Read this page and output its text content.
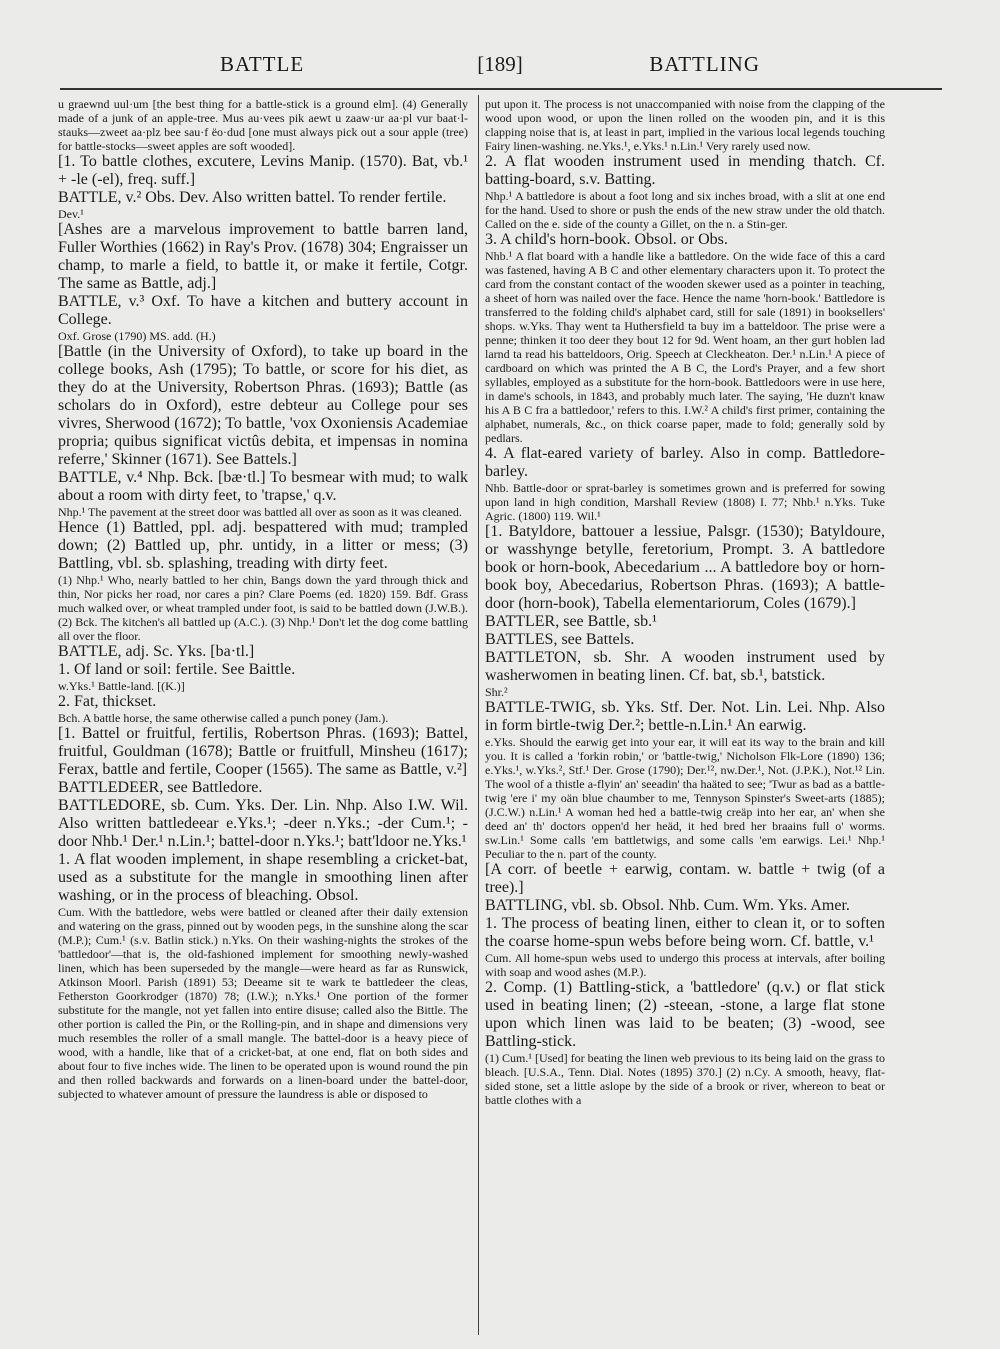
BATTLE	[189]	BATTLING

u graewnd uul·um [the best thing for a battle-stick is a ground elm]. (4) Generally made of a junk of an apple-tree. Mus au·vees pik aewt u zaaw·ur aa·pl vur baat·l-stauks—zweet aa·plz bee sau·f ëo·dud [one must always pick out a sour apple (tree) for battle-stocks—sweet apples are soft wooded].

[1. To battle clothes, excutere, Levins Manip. (1570). Bat, vb.¹ + -le (-el), freq. suff.]

BATTLE, v.² Obs. Dev. Also written battel. To render fertile.

Dev.¹

[Ashes are a marvelous improvement to battle barren land, Fuller Worthies (1662) in Ray's Prov. (1678) 304; Engraisser un champ, to marle a field, to battle it, or make it fertile, Cotgr. The same as Battle, adj.]

BATTLE, v.³ Oxf. To have a kitchen and buttery account in College.

Oxf. Grose (1790) MS. add. (H.)

[Battle (in the University of Oxford), to take up board in the college books, Ash (1795); To battle, or score for his diet, as they do at the University, Robertson Phras. (1693); Battle (as scholars do in Oxford), estre debteur au College pour ses vivres, Sherwood (1672); To battle, 'vox Oxoniensis Academiae propria; quibus significat victûs debita, et impensas in nomina referre,' Skinner (1671). See Battels.]

BATTLE, v.⁴ Nhp. Bck. [bæ·tl.] To besmear with mud; to walk about a room with dirty feet, to 'trapse,' q.v.

Nhp.¹ The pavement at the street door was battled all over as soon as it was cleaned.

Hence (1) Battled, ppl. adj. bespattered with mud; trampled down; (2) Battled up, phr. untidy, in a litter or mess; (3) Battling, vbl. sb. splashing, treading with dirty feet.

(1) Nhp.¹ Who, nearly battled to her chin, Bangs down the yard through thick and thin, Nor picks her road, nor cares a pin? Clare Poems (ed. 1820) 159. Bdf. Grass much walked over, or wheat trampled under foot, is said to be battled down (J.W.B.). (2) Bck. The kitchen's all battled up (A.C.). (3) Nhp.¹ Don't let the dog come battling all over the floor.

BATTLE, adj. Sc. Yks. [ba·tl.]

1. Of land or soil: fertile. See Baittle.

w.Yks.¹ Battle-land. [(K.)]

2. Fat, thickset.

Bch. A battle horse, the same otherwise called a punch poney (Jam.).

[1. Battel or fruitful, fertilis, Robertson Phras. (1693); Battel, fruitful, Gouldman (1678); Battle or fruitfull, Minsheu (1617); Ferax, battle and fertile, Cooper (1565). The same as Battle, v.²]

BATTLEDEER, see Battledore.

BATTLEDORE, sb. Cum. Yks. Der. Lin. Nhp. Also I.W. Wil. Also written battledeear e.Yks.¹; -deer n.Yks.; -der Cum.¹; -door Nhb.¹ Der.¹ n.Lin.¹; battel-door n.Yks.¹; batt'ldoor ne.Yks.¹

1. A flat wooden implement, in shape resembling a cricket-bat, used as a substitute for the mangle in smoothing linen after washing, or in the process of bleaching. Obsol.

Cum. With the battledore, webs were battled or cleaned after their daily extension and watering on the grass, pinned out by wooden pegs, in the sunshine along the scar (M.P.); Cum.¹ (s.v. Batlin stick.) n.Yks. On their washing-nights the strokes of the 'battledoor'—that is, the old-fashioned implement for smoothing newly-washed linen, which has been superseded by the mangle—were heard as far as Runswick, Atkinson Moorl. Parish (1891) 53; Deeame sit te wark te battledeer the cleas, Fetherston Goorkrodger (1870) 78; (I.W.); n.Yks.¹ One portion of the former substitute for the mangle, not yet fallen into entire disuse; called also the Bittle. The other portion is called the Pin, or the Rolling-pin, and in shape and dimensions very much resembles the roller of a small mangle. The battel-door is a heavy piece of wood, with a handle, like that of a cricket-bat, at one end, flat on both sides and about four to five inches wide. The linen to be operated upon is wound round the pin and then rolled backwards and forwards on a linen-board under the battel-door, subjected to whatever amount of pressure the laundress is able or disposed to

put upon it. The process is not unaccompanied with noise from the clapping of the wood upon wood, or upon the linen rolled on the wooden pin, and it is this clapping noise that is, at least in part, implied in the various local legends touching Fairy linen-washing. ne.Yks.¹, e.Yks.¹ n.Lin.¹ Very rarely used now.

2. A flat wooden instrument used in mending thatch. Cf. batting-board, s.v. Batting.

Nhp.¹ A battledore is about a foot long and six inches broad, with a slit at one end for the hand. Used to shore or push the ends of the new straw under the old thatch. Called on the e. side of the county a Gillet, on the n. a Stin-ger.

3. A child's horn-book. Obsol. or Obs.

Nhb.¹ A flat board with a handle like a battledore. On the wide face of this a card was fastened, having A B C and other elementary characters upon it. To protect the card from the constant contact of the wooden skewer used as a pointer in teaching, a sheet of horn was nailed over the face. Hence the name 'horn-book.' Battledore is transferred to the folding child's alphabet card, still for sale (1891) in booksellers' shops. w.Yks. Thay went ta Huthersfield ta buy im a batteldoor. The prise were a penne; thinken it too deer they bout 12 for 9d. Went hoam, an ther gurt hoblen lad larnd ta read his batteldoors, Orig. Speech at Cleckheaton. Der.¹ n.Lin.¹ A piece of cardboard on which was printed the A B C, the Lord's Prayer, and a few short syllables, employed as a substitute for the horn-book. Battledoors were in use here, in dame's schools, in 1843, and probably much later. The saying, 'He duzn't knaw his A B C fra a battledoor,' refers to this. I.W.² A child's first primer, containing the alphabet, numerals, &c., on thick coarse paper, made to fold; generally sold by pedlars.

4. A flat-eared variety of barley. Also in comp. Battledore-barley.

Nhb. Battle-door or sprat-barley is sometimes grown and is preferred for sowing upon land in high condition, Marshall Review (1808) I. 77; Nhb.¹ n.Yks. Tuke Agric. (1800) 119. Wil.¹

[1. Batyldore, battouer a lessiue, Palsgr. (1530); Batyldoure, or wasshynge betylle, feretorium, Prompt. 3. A battledore book or horn-book, Abecedarium ... A battledore boy or horn-book boy, Abecedarius, Robertson Phras. (1693); A battle-door (horn-book), Tabella elementariorum, Coles (1679).]

BATTLER, see Battle, sb.¹

BATTLES, see Battels.

BATTLETON, sb. Shr. A wooden instrument used by washerwomen in beating linen. Cf. bat, sb.¹, batstick.

Shr.²

BATTLE-TWIG, sb. Yks. Stf. Der. Not. Lin. Lei. Nhp. Also in form birtle-twig Der.²; bettle-n.Lin.¹ An earwig.

e.Yks. Should the earwig get into your ear, it will eat its way to the brain and kill you. It is called a 'forkin robin,' or 'battle-twig,' Nicholson Flk-Lore (1890) 136; e.Yks.¹, w.Yks.², Stf.¹ Der. Grose (1790); Der.¹², nw.Der.¹, Not. (J.P.K.), Not.¹² Lin. The wool of a thistle a-flyin' an' seeadin' tha haäted to see; 'Twur as bad as a battle-twig 'ere i' my oän blue chaumber to me, Tennyson Spinster's Sweet-arts (1885); (J.C.W.) n.Lin.¹ A woman hed hed a battle-twig creäp into her ear, an' when she deed an' th' doctors oppen'd her heäd, it hed bred her braains full o' worms. sw.Lin.¹ Some calls 'em battletwigs, and some calls 'em earwigs. Lei.¹ Nhp.¹ Peculiar to the n. part of the county.

[A corr. of beetle + earwig, contam. w. battle + twig (of a tree).]

BATTLING, vbl. sb. Obsol. Nhb. Cum. Wm. Yks. Amer.

1. The process of beating linen, either to clean it, or to soften the coarse home-spun webs before being worn. Cf. battle, v.¹

Cum. All home-spun webs used to undergo this process at intervals, after boiling with soap and wood ashes (M.P.).

2. Comp. (1) Battling-stick, a 'battledore' (q.v.) or flat stick used in beating linen; (2) -steean, -stone, a large flat stone upon which linen was laid to be beaten; (3) -wood, see Battling-stick.

(1) Cum.¹ [Used] for beating the linen web previous to its being laid on the grass to bleach. [U.S.A., Tenn. Dial. Notes (1895) 370.] (2) n.Cy. A smooth, heavy, flat-sided stone, set a little aslope by the side of a brook or river, whereon to beat or battle clothes with a
